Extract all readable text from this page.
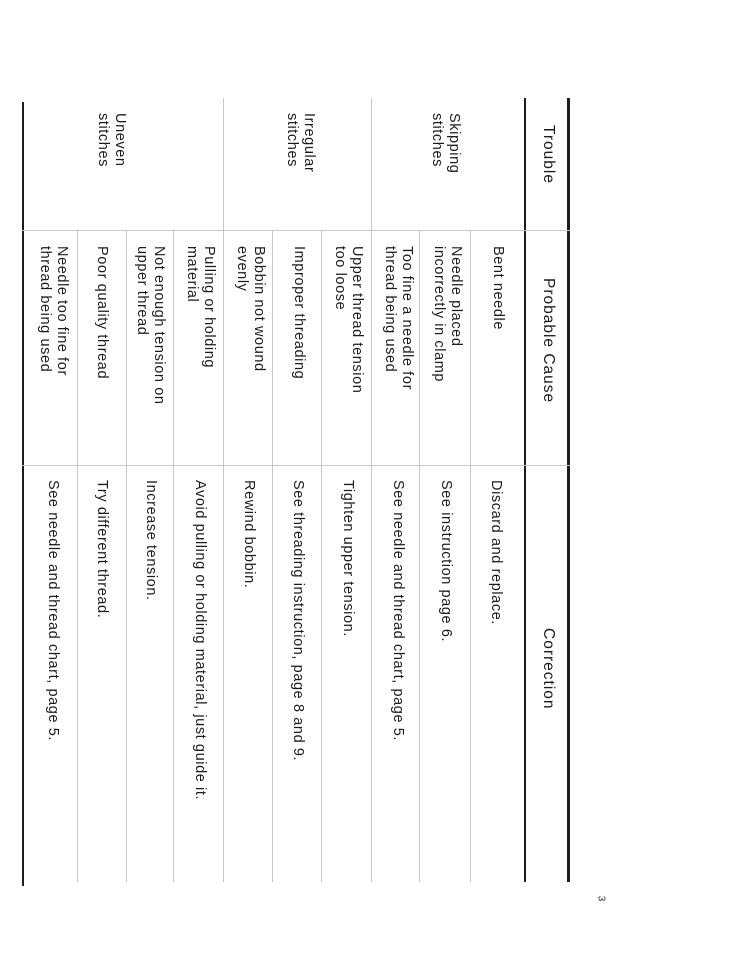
Trouble
Probable Cause
Correction
Skipping
stitches
Irregular
stitches
Uneven
stitches
Bent needle
Needle placed
incorrectly in clamp
Too fine a needle for
thread being used
Upper thread tension
too loose
Improper threading
Bobbin not wound
evenly
Pulling or holding
material
Not enough tension on
upper thread
Poor quality thread
Needle too fine for
thread being used
Discard and replace.
See instruction page 6.
See needle and thread chart, page 5.
Tighten upper tension.
See threading instruction, page 8 and 9.
Rewind bobbin.
Avoid pulling or holding material, just guide it.
Increase tension.
Try different thread.
See needle and thread chart, page 5.
3
